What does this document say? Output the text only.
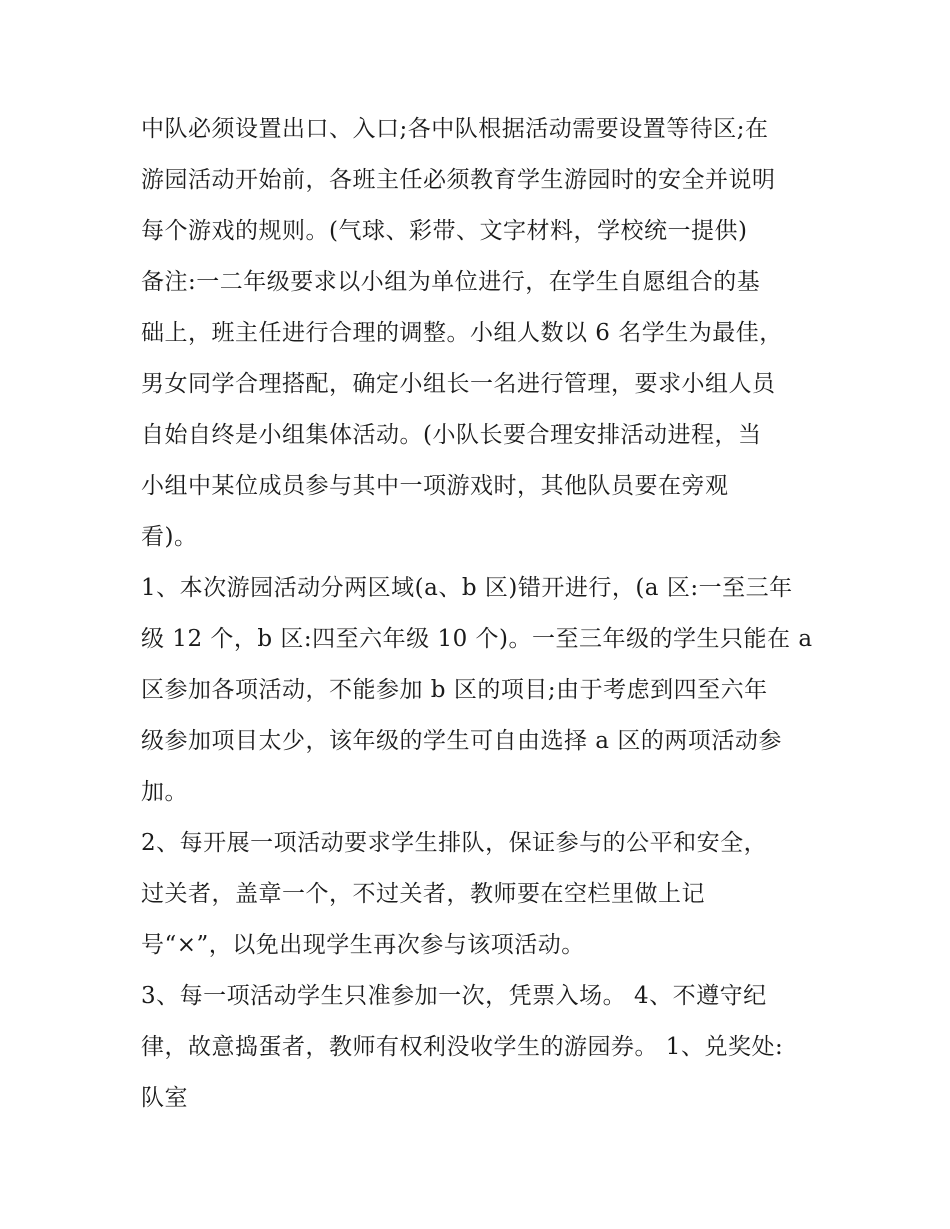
中队必须设置出口、入口;各中队根据活动需要设置等待区;在
游园活动开始前，各班主任必须教育学生游园时的安全并说明
每个游戏的规则。(气球、彩带、文字材料，学校统一提供)
备注:一二年级要求以小组为单位进行，在学生自愿组合的基
础上，班主任进行合理的调整。小组人数以 6 名学生为最佳，
男女同学合理搭配，确定小组长一名进行管理，要求小组人员
自始自终是小组集体活动。(小队长要合理安排活动进程，当
小组中某位成员参与其中一项游戏时，其他队员要在旁观
看)。
1、本次游园活动分两区域(a、b 区)错开进行，(a 区:一至三年
级 12 个，b 区:四至六年级 10 个)。一至三年级的学生只能在 a
区参加各项活动，不能参加 b 区的项目;由于考虑到四至六年
级参加项目太少，该年级的学生可自由选择 a 区的两项活动参
加。
2、每开展一项活动要求学生排队，保证参与的公平和安全，
过关者，盖章一个，不过关者，教师要在空栏里做上记
号“×”，以免出现学生再次参与该项活动。
3、每一项活动学生只准参加一次，凭票入场。 4、不遵守纪
律，故意捣蛋者，教师有权利没收学生的游园券。 1、兑奖处:
队室
